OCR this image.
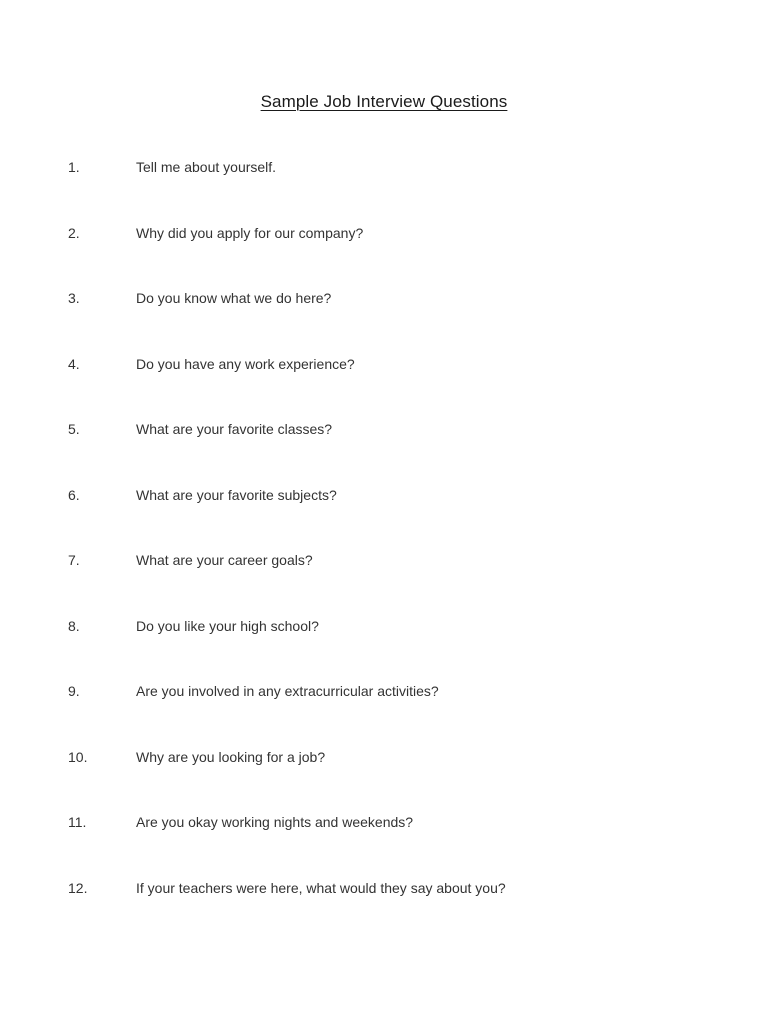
Sample Job Interview Questions
1.	Tell me about yourself.
2.	Why did you apply for our company?
3.	Do you know what we do here?
4.	Do you have any work experience?
5.	What are your favorite classes?
6.	What are your favorite subjects?
7.	What are your career goals?
8.	Do you like your high school?
9.	Are you involved in any extracurricular activities?
10.	Why are you looking for a job?
11.	Are you okay working nights and weekends?
12.	If your teachers were here, what would they say about you?
